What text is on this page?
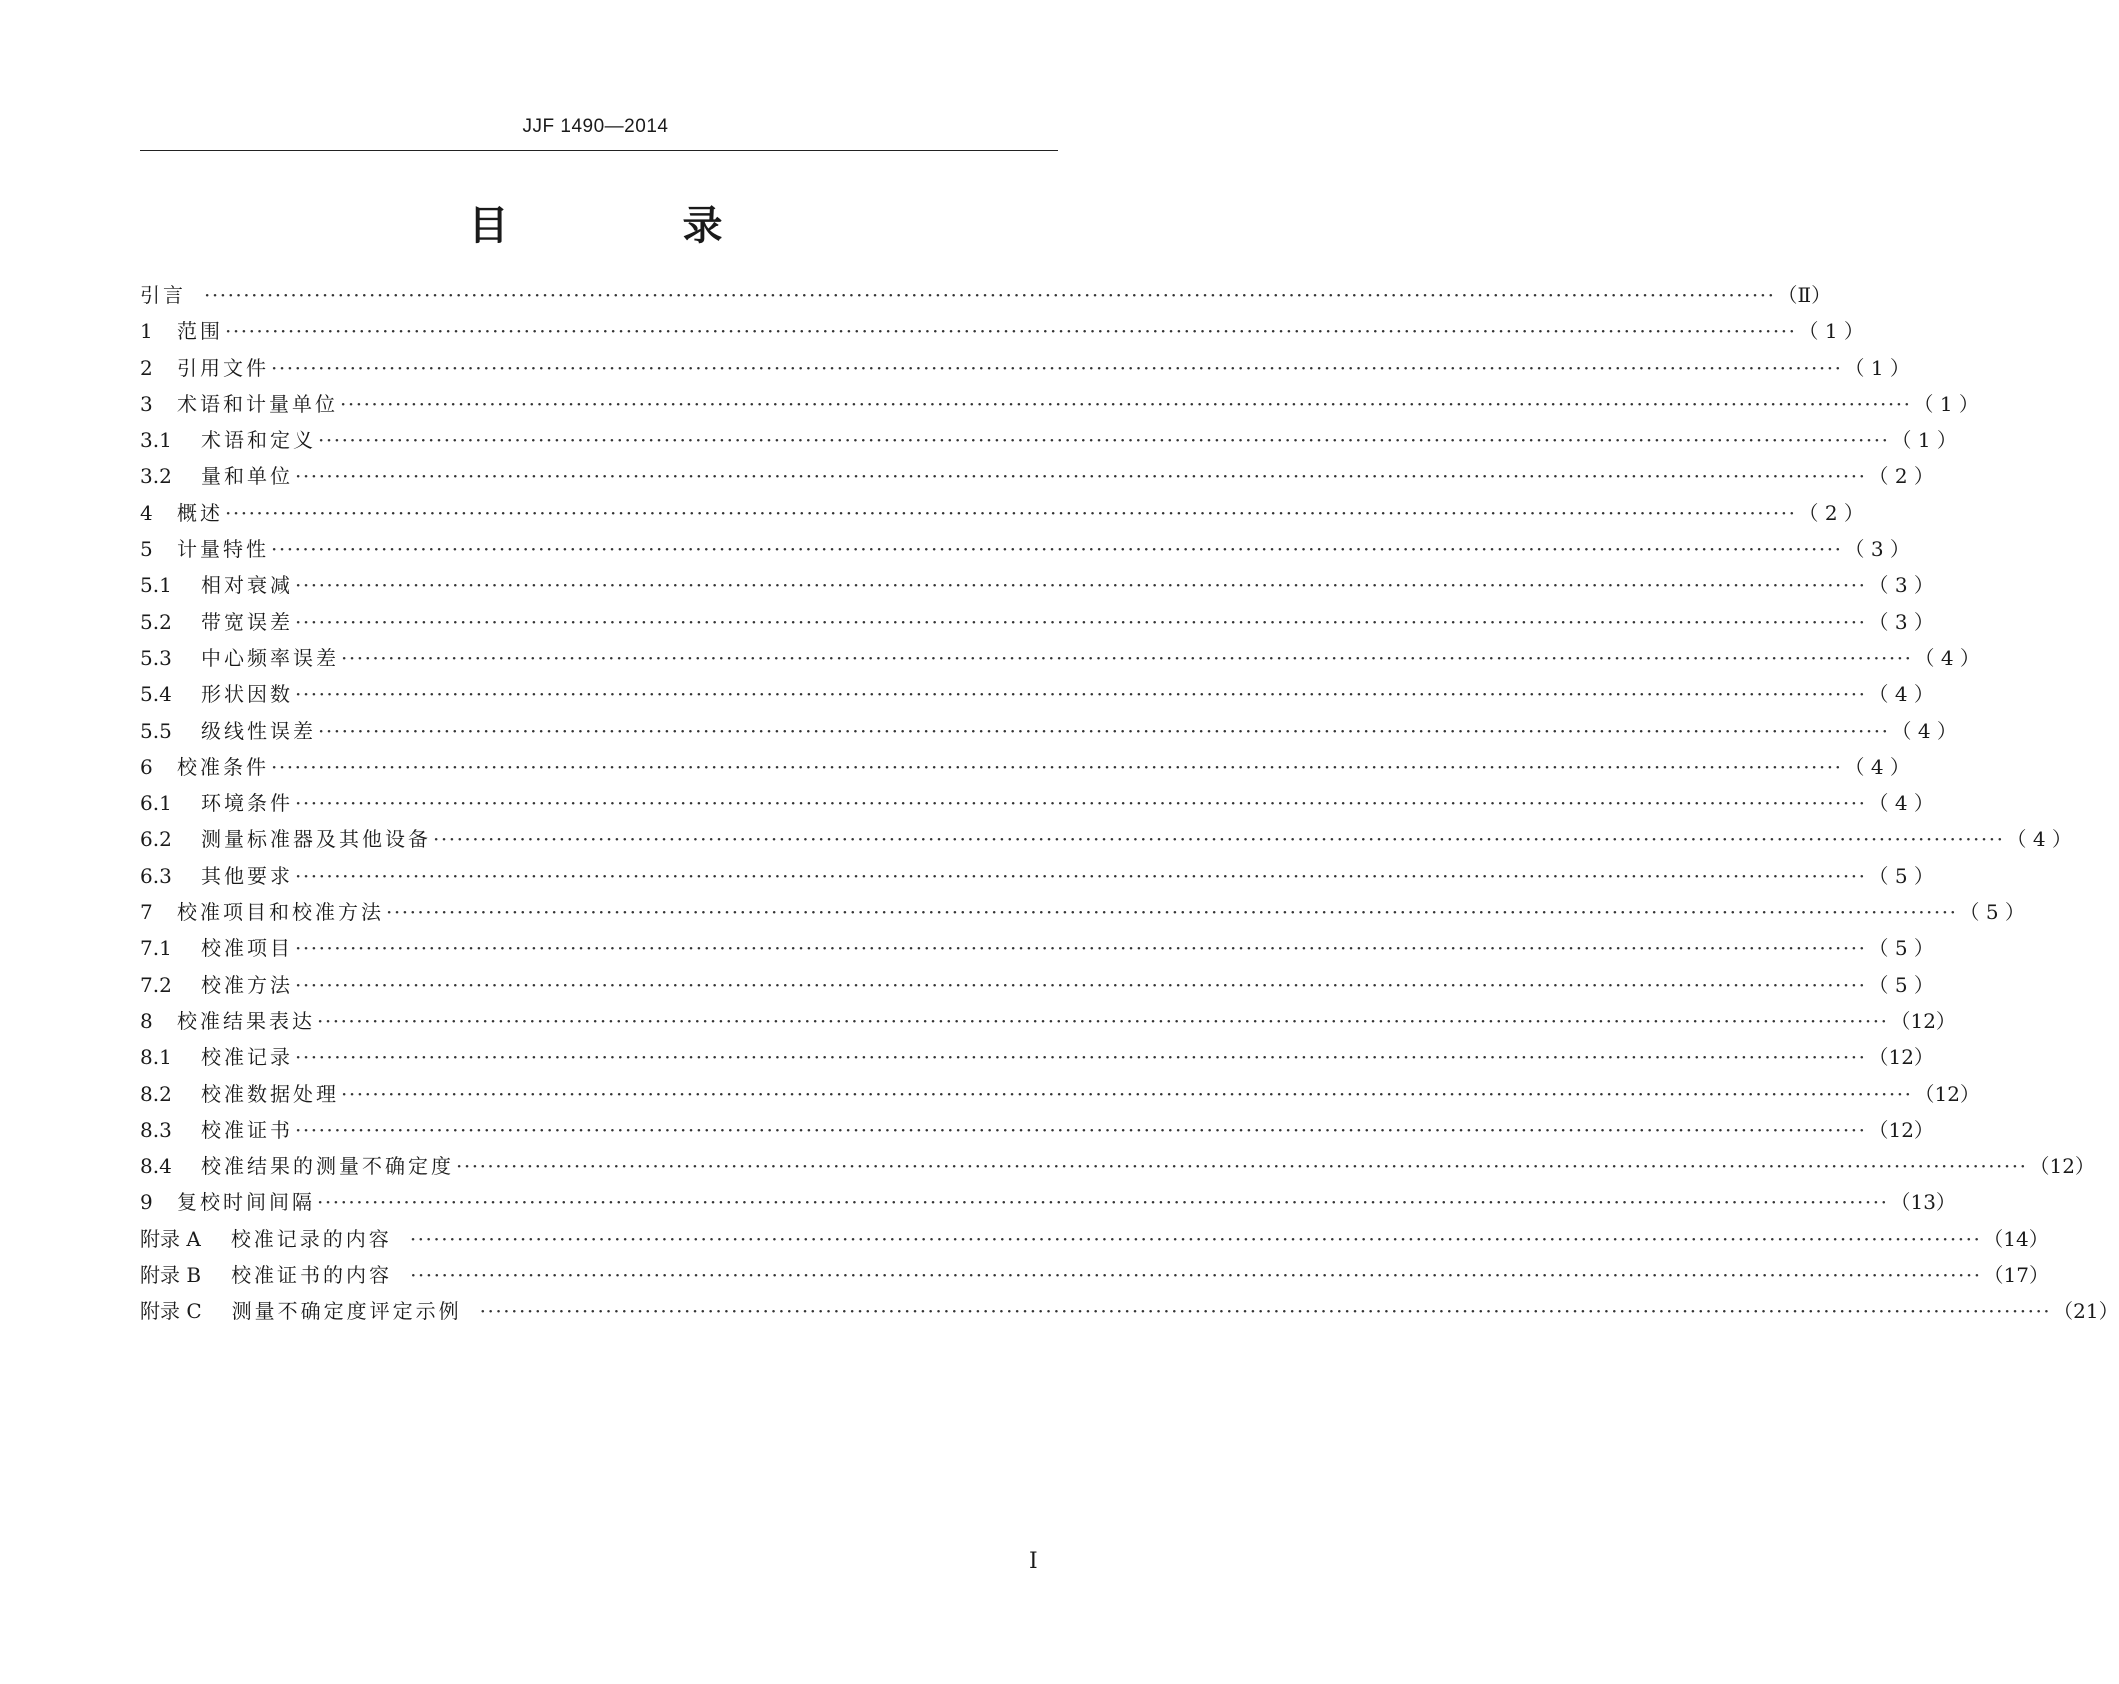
JJF 1490—2014
目 录
引言 ········································································································································································································ （Ⅱ）
1	范围 ········································································································································································································ （ 1 ）
2	引用文件 ········································································································································································································ （ 1 ）
3	术语和计量单位 ········································································································································································································ （ 1 ）
3.1	术语和定义 ········································································································································································································ （ 1 ）
3.2	量和单位 ········································································································································································································ （ 2 ）
4	概述 ········································································································································································································ （ 2 ）
5	计量特性 ········································································································································································································ （ 3 ）
5.1	相对衰减 ········································································································································································································ （ 3 ）
5.2	带宽误差 ········································································································································································································ （ 3 ）
5.3	中心频率误差 ········································································································································································································ （ 4 ）
5.4	形状因数 ········································································································································································································ （ 4 ）
5.5	级线性误差 ········································································································································································································ （ 4 ）
6	校准条件 ········································································································································································································ （ 4 ）
6.1	环境条件 ········································································································································································································ （ 4 ）
6.2	测量标准器及其他设备 ········································································································································································································ （ 4 ）
6.3	其他要求 ········································································································································································································ （ 5 ）
7	校准项目和校准方法 ········································································································································································································ （ 5 ）
7.1	校准项目 ········································································································································································································ （ 5 ）
7.2	校准方法 ········································································································································································································ （ 5 ）
8	校准结果表达 ········································································································································································································ （12）
8.1	校准记录 ········································································································································································································ （12）
8.2	校准数据处理 ········································································································································································································ （12）
8.3	校准证书 ········································································································································································································ （12）
8.4	校准结果的测量不确定度 ········································································································································································································ （12）
9	复校时间间隔 ········································································································································································································ （13）
附录 A 校准记录的内容 ········································································································································································································ （14）
附录 B 校准证书的内容 ········································································································································································································ （17）
附录 C 测量不确定度评定示例 ········································································································································································································ （21）
Ⅰ
